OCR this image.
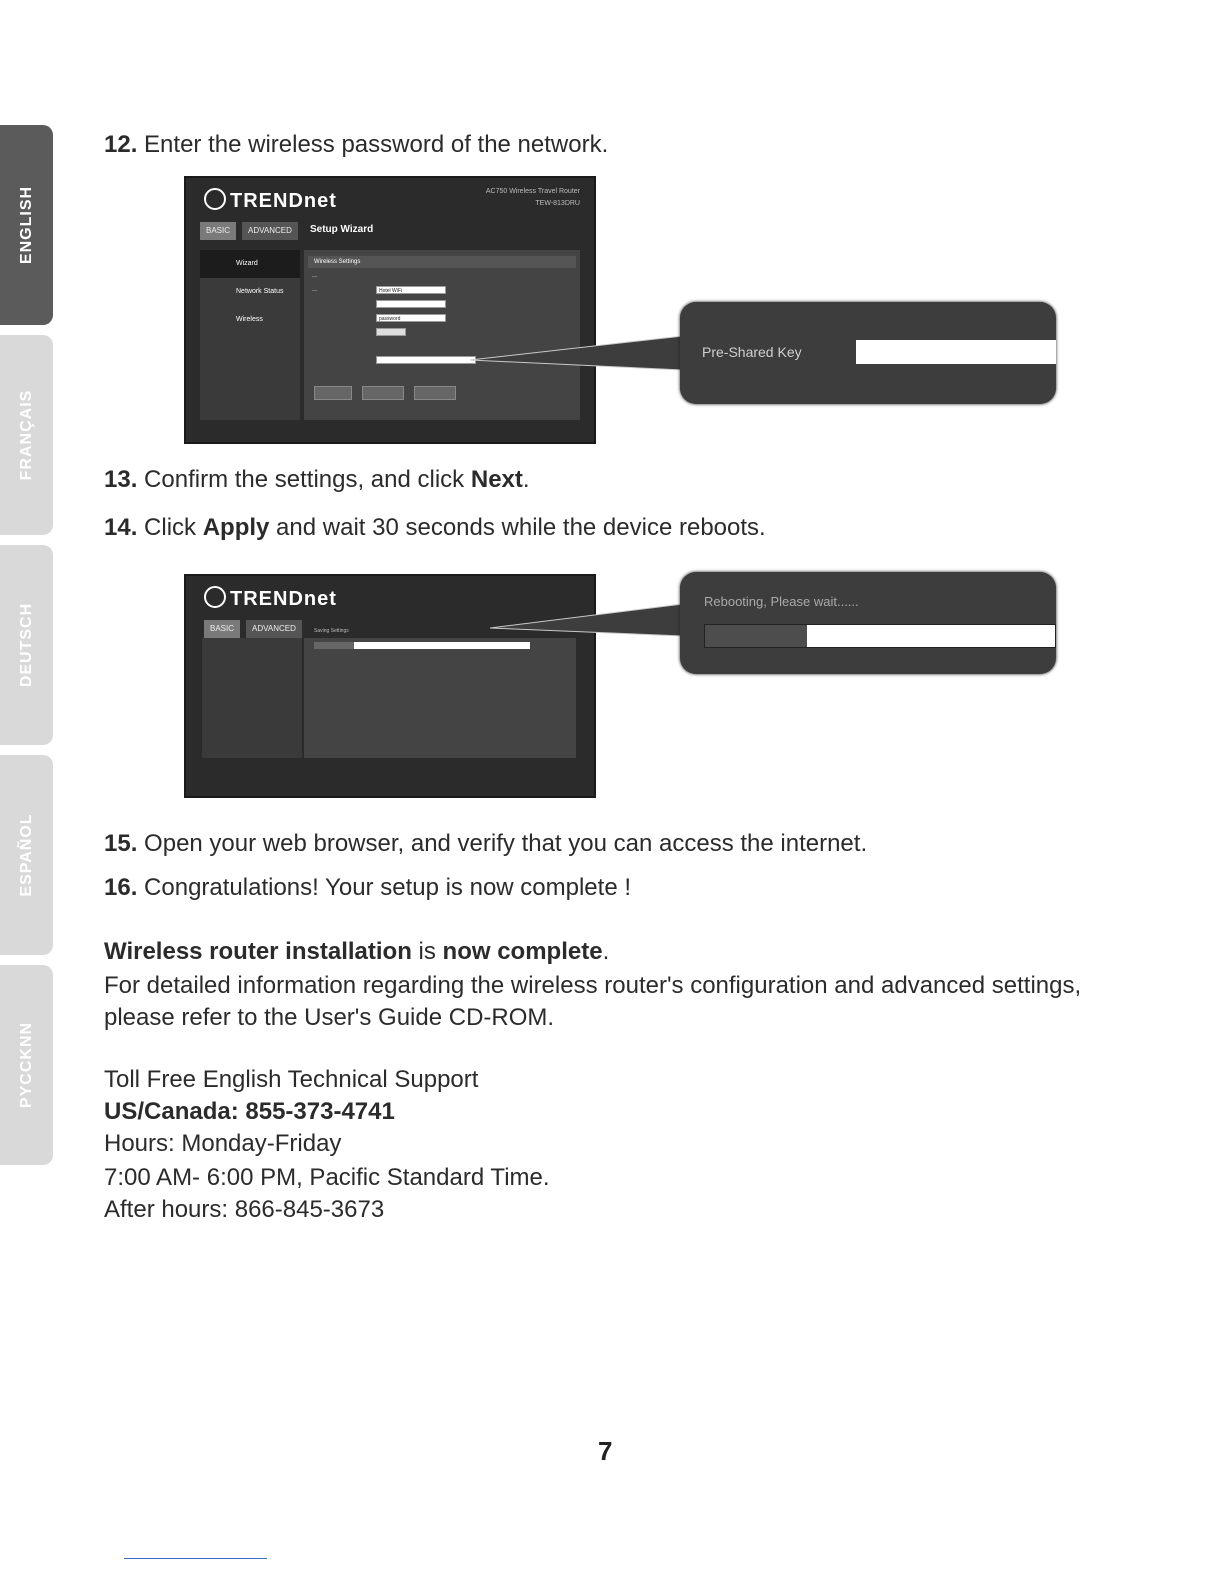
ENGLISH
FRANÇAIS
DEUTSCH
ESPAÑOL
PYCCKNN
12. Enter the wireless password of the network.
TRENDnet	AC750 Wireless Travel Router
TEW-813DRU
BASIC	ADVANCED	Setup Wizard
Wizard
Network Status
Wireless
Wireless Settings
—
—	Hotel WiFi
password
Pre-Shared Key
13. Confirm the settings, and click Next.
14. Click Apply and wait 30 seconds while the device reboots.
TRENDnet
BASIC	ADVANCED	Saving Settings
Rebooting, Please wait......
15. Open your web browser, and verify that you can access the internet.
16. Congratulations! Your setup is now complete !
Wireless router installation is now complete.
For detailed information regarding the wireless router's configuration and advanced settings,
please refer to the User's Guide CD-ROM.
Toll Free English Technical Support
US/Canada: 855-373-4741
Hours: Monday-Friday
7:00 AM- 6:00 PM, Pacific Standard Time.
After hours: 866-845-3673
7
